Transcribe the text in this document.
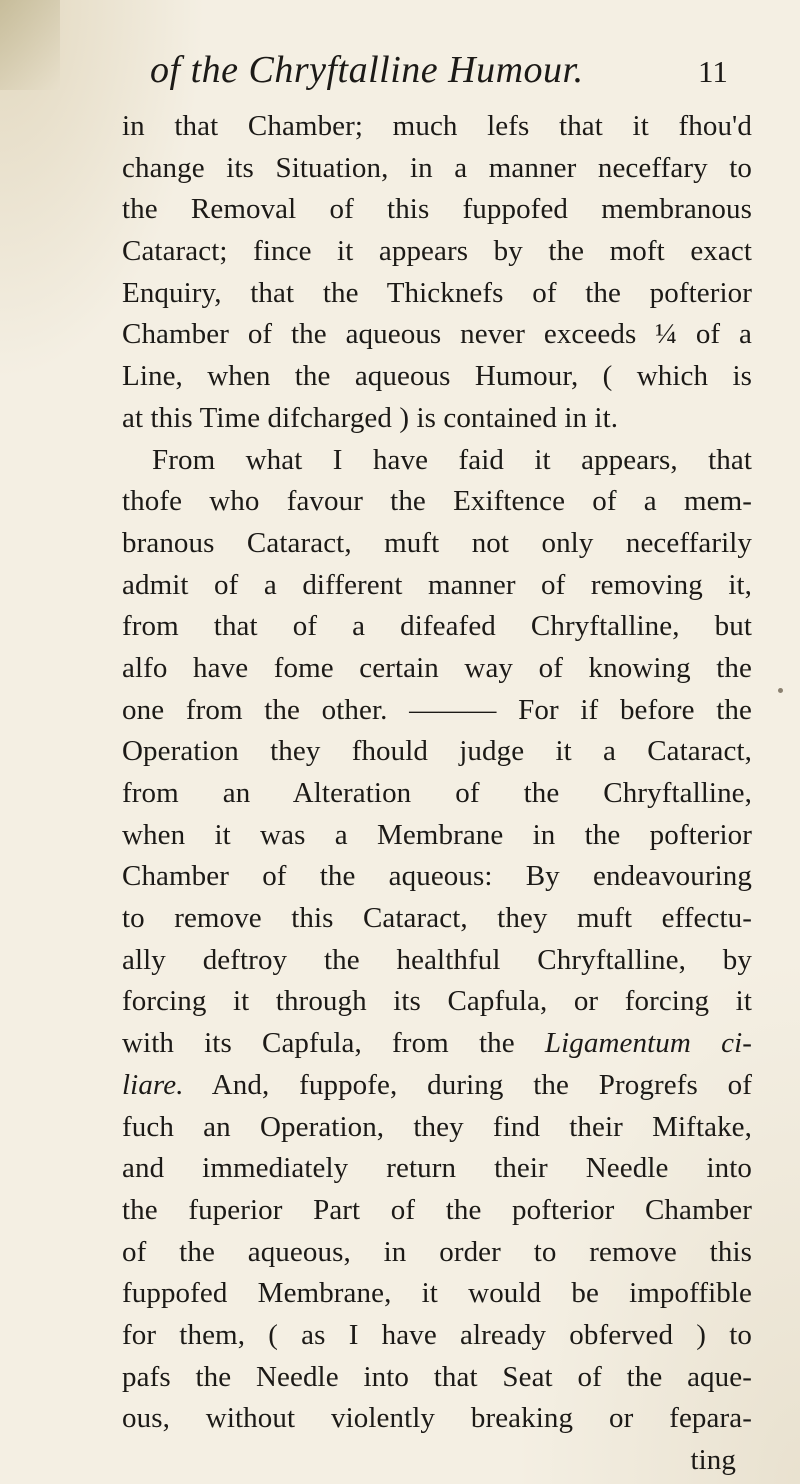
of the Chryftalline Humour.	11
in that Chamber; much lefs that it fhou'd
change its Situation, in a manner neceffary to
the Removal of this fuppofed membranous
Cataract; fince it appears by the moft exact
Enquiry, that the Thicknefs of the pofterior
Chamber of the aqueous never exceeds ¼ of a
Line, when the aqueous Humour, ( which is
at this Time difcharged ) is contained in it.
From what I have faid it appears, that
thofe who favour the Exiftence of a mem-
branous Cataract, muft not only neceffarily
admit of a different manner of removing it,
from that of a difeafed Chryftalline, but
alfo have fome certain way of knowing the
one from the other. ——— For if before the
Operation they fhould judge it a Cataract,
from an Alteration of the Chryftalline,
when it was a Membrane in the pofterior
Chamber of the aqueous: By endeavouring
to remove this Cataract, they muft effectu-
ally deftroy the healthful Chryftalline, by
forcing it through its Capfula, or forcing it
with its Capfula, from the Ligamentum ci-
liare. And, fuppofe, during the Progrefs of
fuch an Operation, they find their Miftake,
and immediately return their Needle into
the fuperior Part of the pofterior Chamber
of the aqueous, in order to remove this
fuppofed Membrane, it would be impoffible
for them, ( as I have already obferved ) to
pafs the Needle into that Seat of the aque-
ous, without violently breaking or fepara-
ting
